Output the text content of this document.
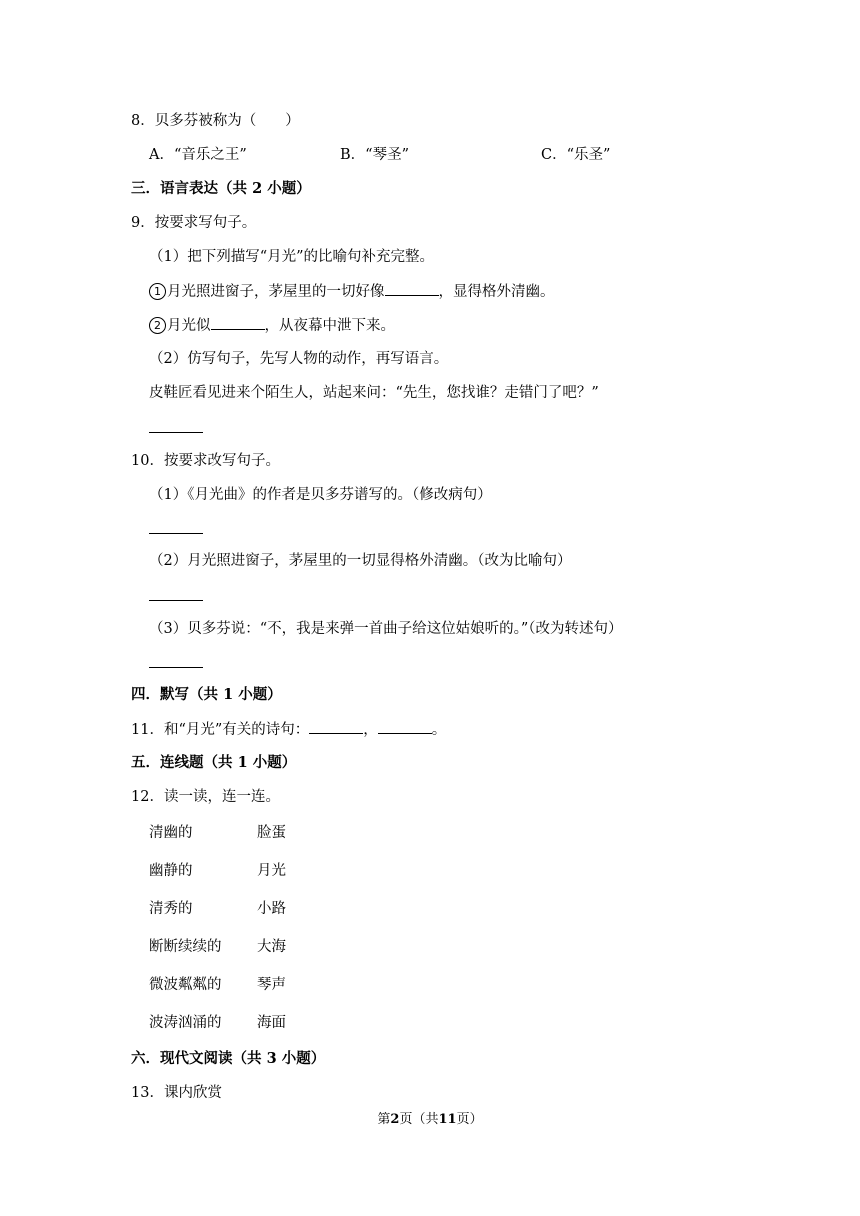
8．贝多芬被称为（　　）
A．“音乐之王”	B．“琴圣”	C．“乐圣”
三．语言表达（共 2 小题）
9．按要求写句子。
（1）把下列描写“月光”的比喻句补充完整。
1 月光照进窗子，茅屋里的一切好像	，显得格外清幽。
2 月光似	，从夜幕中泄下来。
（2）仿写句子，先写人物的动作，再写语言。
皮鞋匠看见进来个陌生人，站起来问：“先生，您找谁？走错门了吧？”
10．按要求改写句子。
（1）《月光曲》的作者是贝多芬谱写的。（修改病句）
（2）月光照进窗子，茅屋里的一切显得格外清幽。（改为比喻句）
（3）贝多芬说：“不，我是来弹一首曲子给这位姑娘听的。”（改为转述句）
四．默写（共 1 小题）
11．和“月光”有关的诗句：	，	。
五．连线题（共 1 小题）
12．读一读，连一连。
清幽的	脸蛋
幽静的	月光
清秀的	小路
断断续续的 大海
微波粼粼的 琴声
波涛汹涌的 海面
六．现代文阅读（共 3 小题）
13．课内欣赏
第2页（共11页）
